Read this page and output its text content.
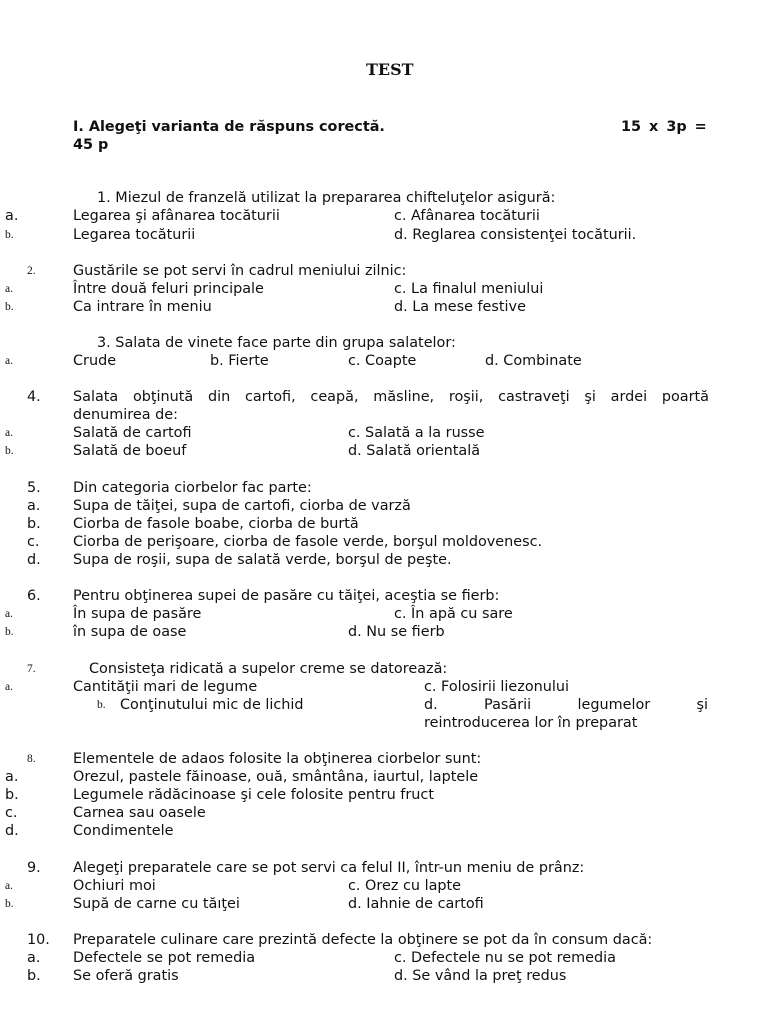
TEST
I. Alegeţi varianta de răspuns corectă.	15 x 3p =
45 p
1. Miezul de franzelă utilizat la prepararea chifteluţelor asigură:
a.	Legarea şi afânarea tocăturii	c. Afânarea tocăturii
b.	Legarea tocăturii	d. Reglarea consistenţei tocăturii.
2.	Gustările se pot servi în cadrul meniului zilnic:
a.	Între două feluri principale	c. La finalul meniului
b.	Ca intrare în meniu	d. La mese festive
3. Salata de vinete face parte din grupa salatelor:
a.	Crude	b. Fierte	c. Coapte	d. Combinate
4. Salata obţinută din cartofi, ceapă, măsline, roşii, castraveţi şi ardei poartă
denumirea de:
a.	Salată de cartofi	c. Salată a la russe
b.	Salată de boeuf	d. Salată orientală
5. Din categoria ciorbelor fac parte:
a. Supa de tăiţei, supa de cartofi, ciorba de varză
b. Ciorba de fasole boabe, ciorba de burtă
c. Ciorba de perişoare, ciorba de fasole verde, borşul moldovenesc.
d. Supa de roşii, supa de salată verde, borşul de peşte.
6. Pentru obţinerea supei de pasăre cu tăiţei, aceştia se fierb:
a.	În supa de pasăre	c. În apă cu sare
b.	în supa de oase	d. Nu se fierb
7.	Consisteţa ridicată a supelor creme se datorează:
a.	Cantităţii mari de legume	c. Folosirii liezonului
b. Conţinutului mic de lichid	d.	Pasării	legumelor	şi
reintroducerea lor în preparat
8.	Elementele de adaos folosite la obţinerea ciorbelor sunt:
a.	Orezul, pastele făinoase, ouă, smântâna, iaurtul, laptele
b.	Legumele rădăcinoase şi cele folosite pentru fruct
c.	Carnea sau oasele
d.	Condimentele
9. Alegeţi preparatele care se pot servi ca felul II, într-un meniu de prânz:
a.	Ochiuri moi	c. Orez cu lapte
b.	Supă de carne cu tăıţei	d. Iahnie de cartofi
10. Preparatele culinare care prezintă defecte la obţinere se pot da în consum dacă:
a. Defectele se pot remedia	c. Defectele nu se pot remedia
b. Se oferă gratis	d. Se vând la preţ redus
